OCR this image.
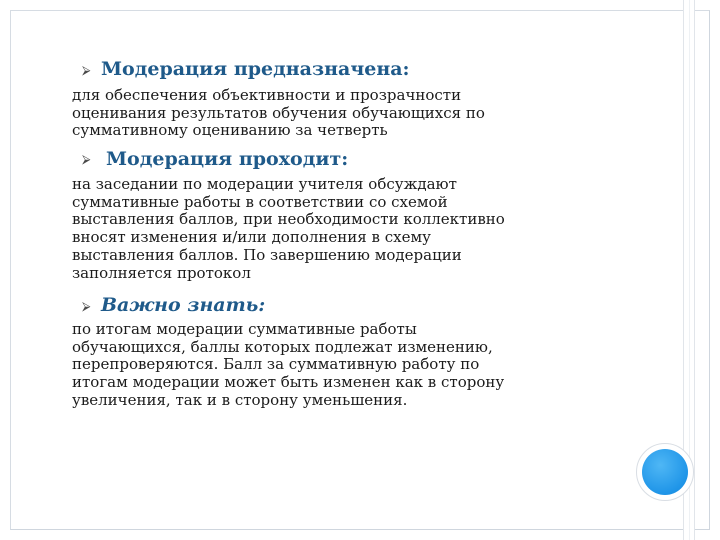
⮚ Модерация предназначена:

для обеспечения объективности и прозрачности
оценивания результатов обучения обучающихся по
суммативному оцениванию за четверть

⮚ Модерация проходит:

на заседании по модерации учителя обсуждают
суммативные работы в соответствии со схемой
выставления баллов, при необходимости коллективно
вносят изменения и/или дополнения в схему
выставления баллов. По завершению модерации
заполняется протокол

⮚ Важно знать:

по итогам модерации суммативные работы
обучающихся, баллы которых подлежат изменению,
перепроверяются. Балл за суммативную работу по
итогам модерации может быть изменен как в сторону
увеличения, так и в сторону уменьшения.
